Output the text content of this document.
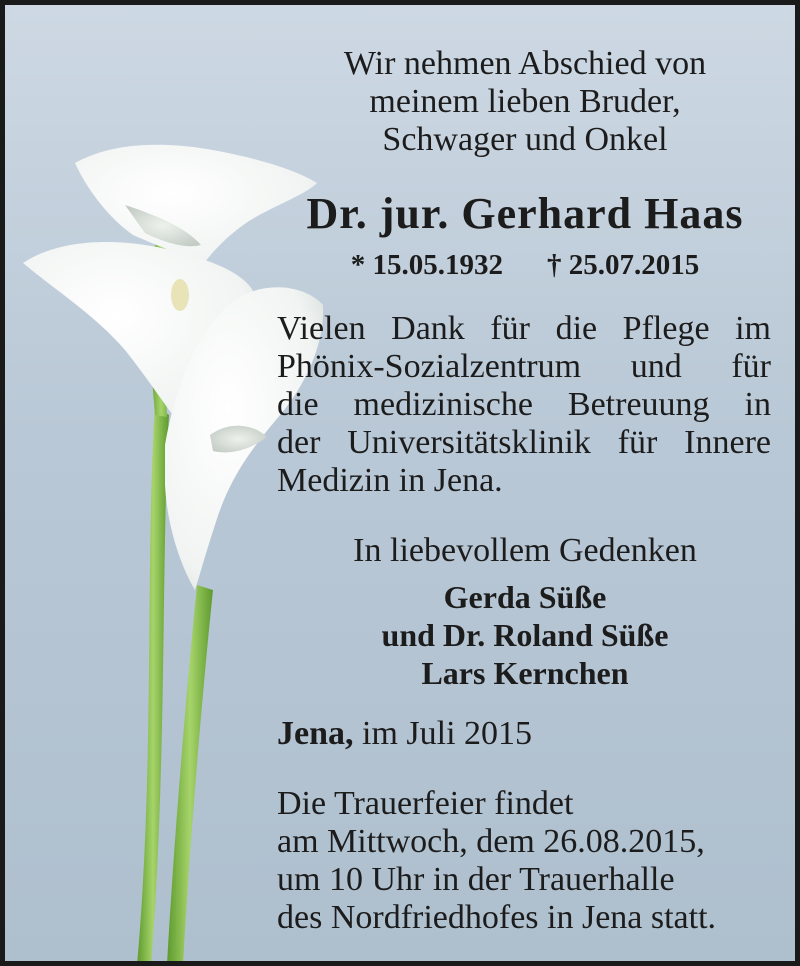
Wir nehmen Abschied von
meinem lieben Bruder,
Schwager und Onkel
Dr. jur. Gerhard Haas
* 15.05.1932 † 25.07.2015
Vielen Dank für die Pflege im
Phönix-Sozialzentrum und für
die medizinische Betreuung in
der Universitätsklinik für Innere
Medizin in Jena.
In liebevollem Gedenken
Gerda Süße
und Dr. Roland Süße
Lars Kernchen
Jena, im Juli 2015
Die Trauerfeier findet
am Mittwoch, dem 26.08.2015,
um 10 Uhr in der Trauerhalle
des Nordfriedhofes in Jena statt.
